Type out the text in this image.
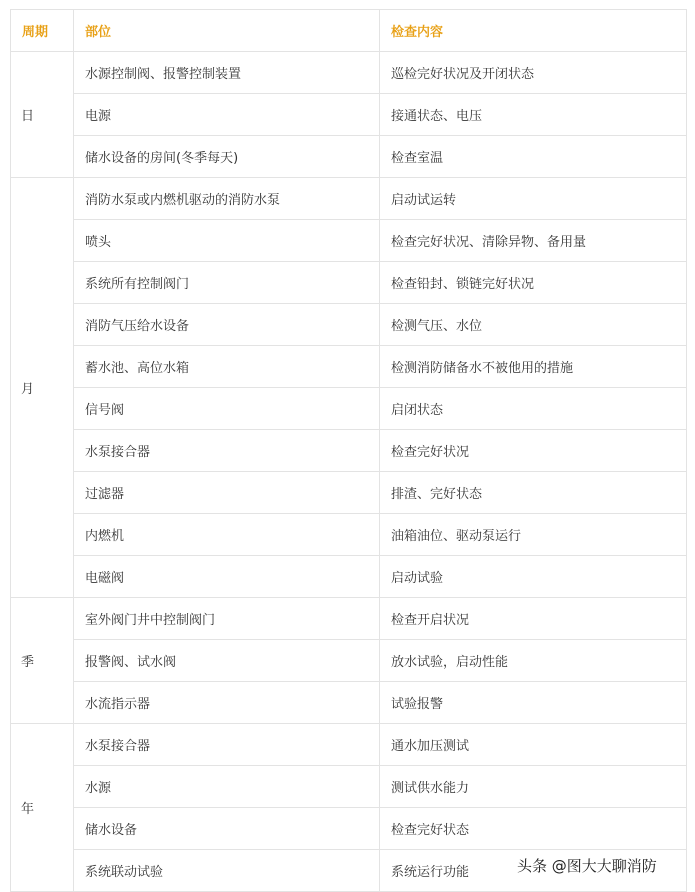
周期	部位	检查内容
日	水源控制阀、报警控制装置	巡检完好状况及开闭状态
	电源	接通状态、电压
	储水设备的房间(冬季每天)	检查室温
月	消防水泵或内燃机驱动的消防水泵	启动试运转
	喷头	检查完好状况、清除异物、备用量
	系统所有控制阀门	检查铅封、锁链完好状况
	消防气压给水设备	检测气压、水位
	蓄水池、高位水箱	检测消防储备水不被他用的措施
	信号阀	启闭状态
	水泵接合器	检查完好状况
	过滤器	排渣、完好状态
	内燃机	油箱油位、驱动泵运行
	电磁阀	启动试验
季	室外阀门井中控制阀门	检查开启状况
	报警阀、试水阀	放水试验，启动性能
	水流指示器	试验报警
年	水泵接合器	通水加压测试
	水源	测试供水能力
	储水设备	检查完好状态
	系统联动试验	系统运行功能	头条 @图大大聊消防
